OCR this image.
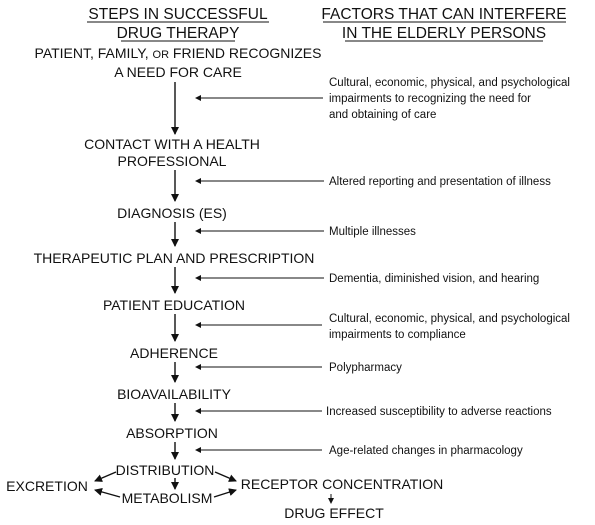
STEPS IN SUCCESSFUL
DRUG THERAPY
FACTORS THAT CAN INTERFERE
IN THE ELDERLY PERSONS
PATIENT, FAMILY, OR FRIEND RECOGNIZES
A NEED FOR CARE
CONTACT WITH A HEALTH
PROFESSIONAL
DIAGNOSIS (ES)
THERAPEUTIC PLAN AND PRESCRIPTION
PATIENT EDUCATION
ADHERENCE
BIOAVAILABILITY
ABSORPTION
DISTRIBUTION
EXCRETION
METABOLISM
RECEPTOR CONCENTRATION
DRUG EFFECT
Cultural, economic, physical, and psychological
impairments to recognizing the need for
and obtaining of care
Altered reporting and presentation of illness
Multiple illnesses
Dementia, diminished vision, and hearing
Cultural, economic, physical, and psychological
impairments to compliance
Polypharmacy
Increased susceptibility to adverse reactions
Age-related changes in pharmacology
